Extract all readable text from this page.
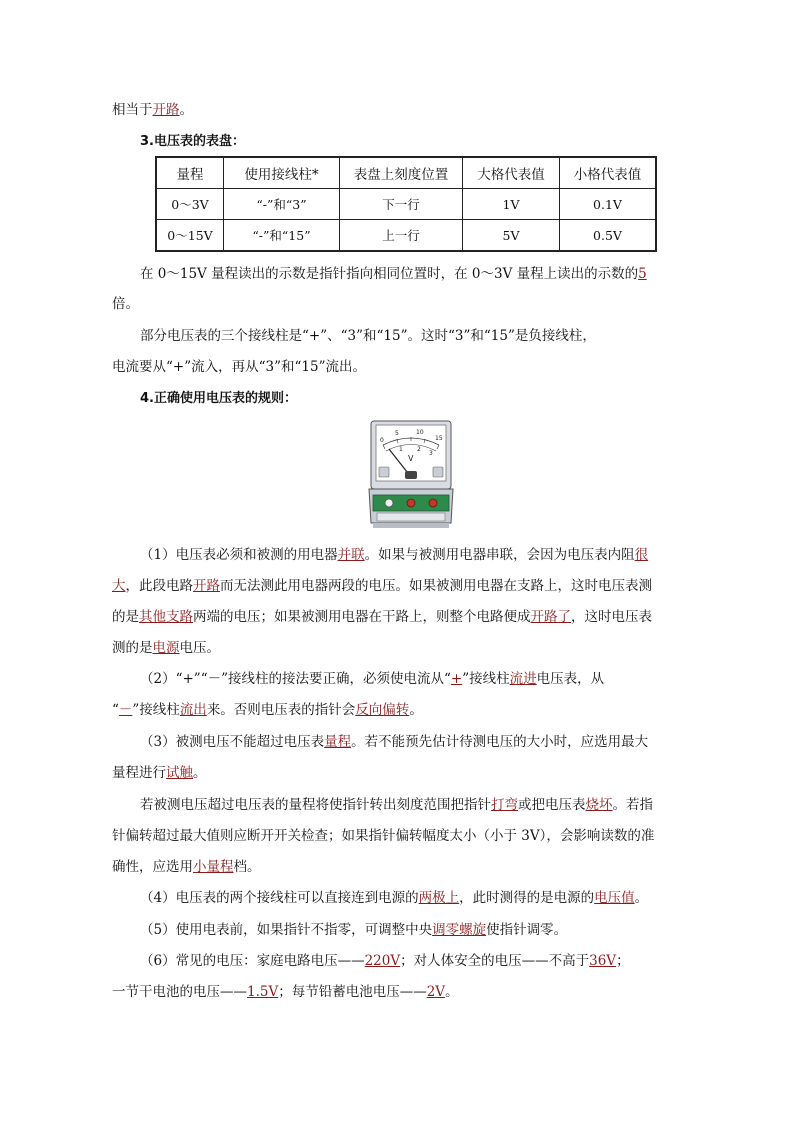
相当于开路。
3.电压表的表盘：
量程	使用接线柱*	表盘上刻度位置	大格代表值	小格代表值
0～3V	“-”和“3”	下一行	1V	0.1V
0～15V	“-”和“15”	上一行	5V	0.5V
在 0～15V 量程读出的示数是指针指向相同位置时，在 0～3V 量程上读出的示数的5
倍。
部分电压表的三个接线柱是“+”、“3”和“15”。这时“3”和“15”是负接线柱，
电流要从“+”流入，再从“3”和“15”流出。
4.正确使用电压表的规则：
0
5	10
15
1 2
3
V
（1）电压表必须和被测的用电器并联。如果与被测用电器串联，会因为电压表内阻很
大，此段电路开路而无法测此用电器两段的电压。如果被测用电器在支路上，这时电压表测
的是其他支路两端的电压；如果被测用电器在干路上，则整个电路便成开路了，这时电压表
测的是电源电压。
（2）“+”“－”接线柱的接法要正确，必须使电流从“+”接线柱流进电压表，从
“－”接线柱流出来。否则电压表的指针会反向偏转。
（3）被测电压不能超过电压表量程。若不能预先估计待测电压的大小时，应选用最大
量程进行试触。
若被测电压超过电压表的量程将使指针转出刻度范围把指针打弯或把电压表烧坏。若指
针偏转超过最大值则应断开开关检查；如果指针偏转幅度太小（小于 3V），会影响读数的准
确性，应选用小量程档。
（4）电压表的两个接线柱可以直接连到电源的两极上，此时测得的是电源的电压值。
（5）使用电表前，如果指针不指零，可调整中央调零螺旋使指针调零。
（6）常见的电压：家庭电路电压——220V；对人体安全的电压——不高于36V；
一节干电池的电压——1.5V；每节铅蓄电池电压——2V。
